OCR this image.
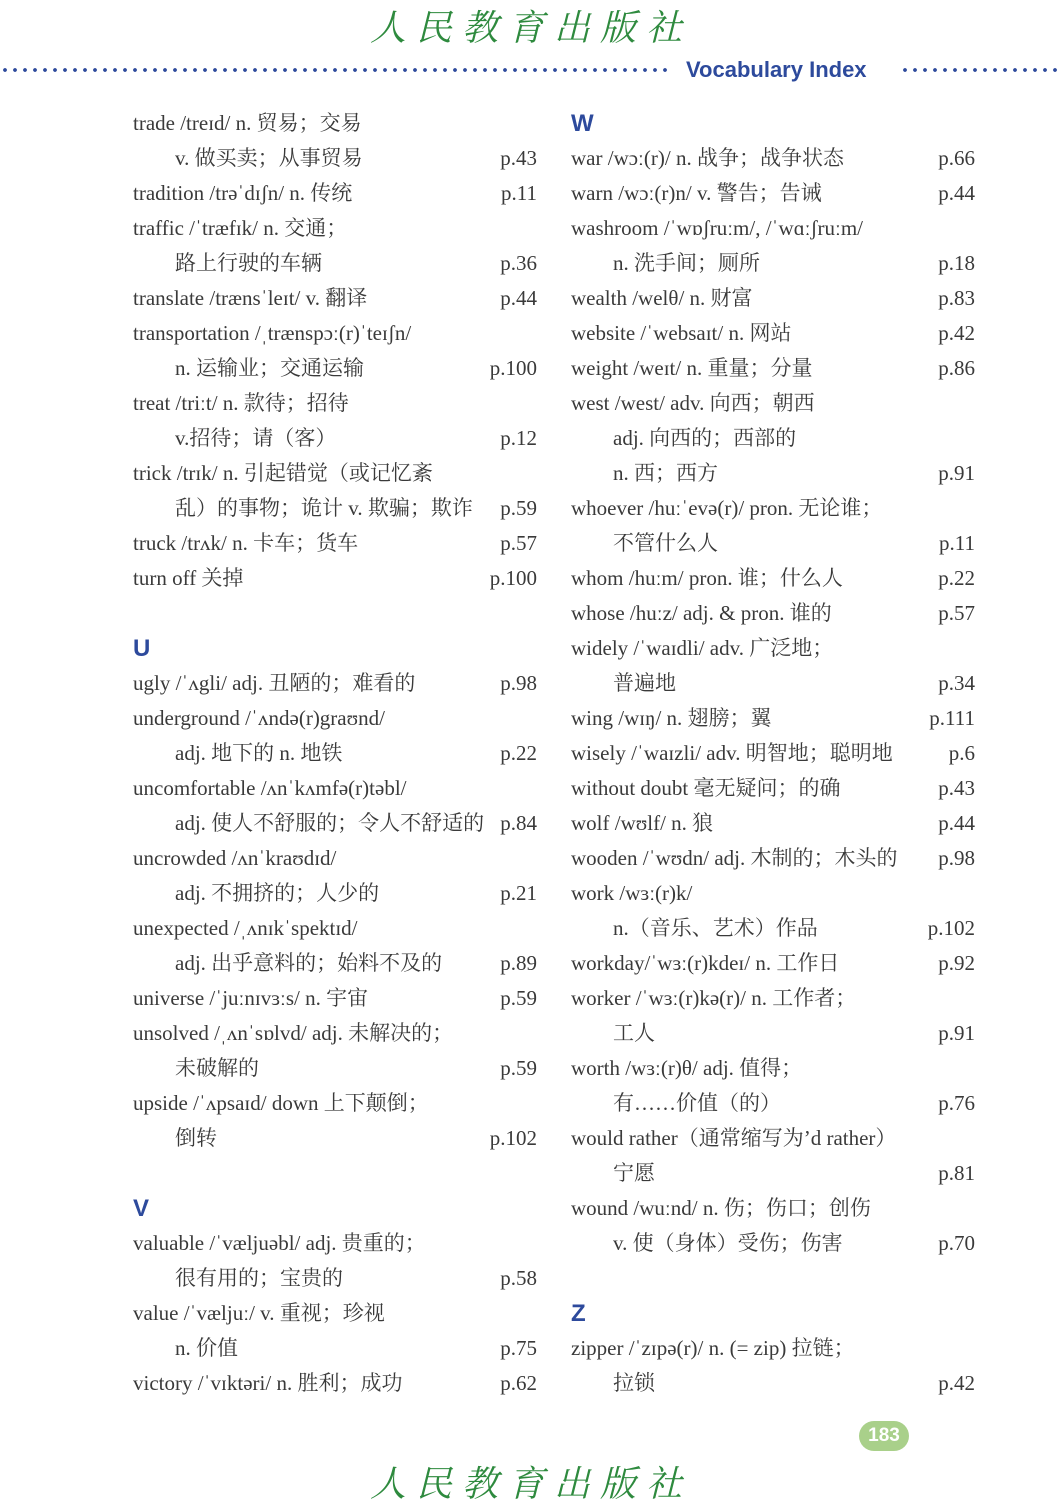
人民教育出版社
Vocabulary Index
trade /treɪd/ n. 贸易；交易
v. 做买卖；从事贸易	p.43
tradition /trəˈdɪʃn/ n. 传统	p.11
traffic /ˈtræfɪk/ n. 交通；
路上行驶的车辆	p.36
translate /trænsˈleɪt/ v. 翻译	p.44
transportation /ˌtrænspɔː(r)ˈteɪʃn/
n. 运输业；交通运输	p.100
treat /triːt/ n. 款待；招待
v.招待；请（客）	p.12
trick /trɪk/ n. 引起错觉（或记忆紊
乱）的事物；诡计 v. 欺骗；欺诈 p.59
truck /trʌk/ n. 卡车；货车	p.57
turn off 关掉	p.100
U
ugly /ˈʌgli/ adj. 丑陋的；难看的	p.98
underground /ˈʌndə(r)graʊnd/
adj. 地下的 n. 地铁	p.22
uncomfortable /ʌnˈkʌmfə(r)təbl/
adj. 使人不舒服的；令人不舒适的 p.84
uncrowded /ʌnˈkraʊdɪd/
adj. 不拥挤的；人少的	p.21
unexpected /ˌʌnɪkˈspektɪd/
adj. 出乎意料的；始料不及的	p.89
universe /ˈjuːnɪvɜːs/ n. 宇宙	p.59
unsolved /ˌʌnˈsɒlvd/ adj. 未解决的；
未破解的	p.59
upside /ˈʌpsaɪd/ down 上下颠倒；
倒转	p.102
V
valuable /ˈvæljuəbl/ adj. 贵重的；
很有用的；宝贵的	p.58
value /ˈvæljuː/ v. 重视；珍视
n. 价值	p.75
victory /ˈvɪktəri/ n. 胜利；成功	p.62
W
war /wɔː(r)/ n. 战争；战争状态	p.66
warn /wɔː(r)n/ v. 警告；告诫	p.44
washroom /ˈwɒʃruːm/, /ˈwɑːʃruːm/
n. 洗手间；厕所	p.18
wealth /welθ/ n. 财富	p.83
website /ˈwebsaɪt/ n. 网站	p.42
weight /weɪt/ n. 重量；分量	p.86
west /west/ adv. 向西；朝西
adj. 向西的；西部的
n. 西；西方	p.91
whoever /huːˈevə(r)/ pron. 无论谁；
不管什么人	p.11
whom /huːm/ pron. 谁；什么人	p.22
whose /huːz/ adj. & pron. 谁的	p.57
widely /ˈwaɪdli/ adv. 广泛地；
普遍地	p.34
wing /wɪŋ/ n. 翅膀；翼	p.111
wisely /ˈwaɪzli/ adv. 明智地；聪明地	p.6
without doubt 毫无疑问；的确	p.43
wolf /wʊlf/ n. 狼	p.44
wooden /ˈwʊdn/ adj. 木制的；木头的 p.98
work /wɜː(r)k/
n.（音乐、艺术）作品	p.102
workday/ˈwɜː(r)kdeɪ/ n. 工作日	p.92
worker /ˈwɜː(r)kə(r)/ n. 工作者；
工人	p.91
worth /wɜː(r)θ/ adj. 值得；
有……价值（的）	p.76
would rather（通常缩写为’d rather）
宁愿	p.81
wound /wuːnd/ n. 伤；伤口；创伤
v. 使（身体）受伤；伤害	p.70
Z
zipper /ˈzɪpə(r)/ n. (= zip) 拉链；
拉锁	p.42
183
人民教育出版社
